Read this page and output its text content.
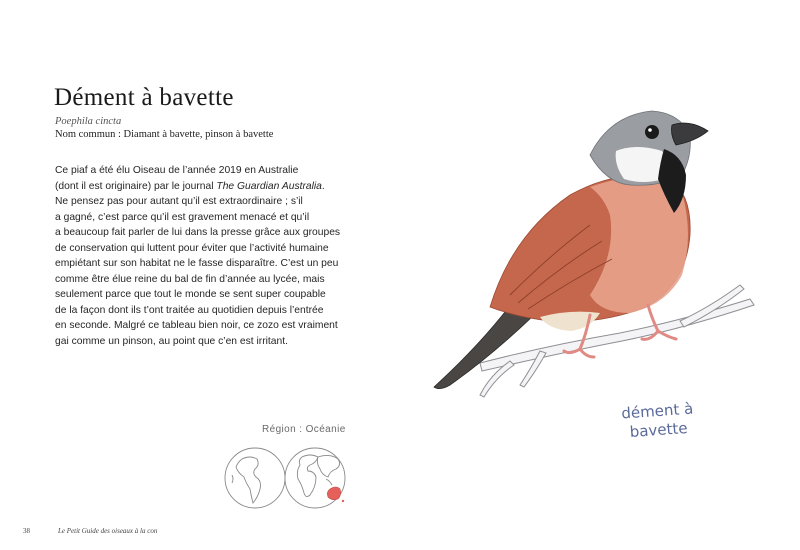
Dément à bavette
Poephila cincta
Nom commun : Diamant à bavette, pinson à bavette
Ce piaf a été élu Oiseau de l’année 2019 en Australie
(dont il est originaire) par le journal The Guardian Australia.
Ne pensez pas pour autant qu’il est extraordinaire ; s’il
a gagné, c’est parce qu’il est gravement menacé et qu’il
a beaucoup fait parler de lui dans la presse grâce aux groupes
de conservation qui luttent pour éviter que l’activité humaine
empiétant sur son habitat ne le fasse disparaître. C’est un peu
comme être élue reine du bal de fin d’année au lycée, mais
seulement parce que tout le monde se sent super coupable
de la façon dont ils t’ont traitée au quotidien depuis l’entrée
en seconde. Malgré ce tableau bien noir, ce zozo est vraiment
gai comme un pinson, au point que c’en est irritant.
Région : Océanie
38	Le Petit Guide des oiseaux à la con
dément à
bavette
